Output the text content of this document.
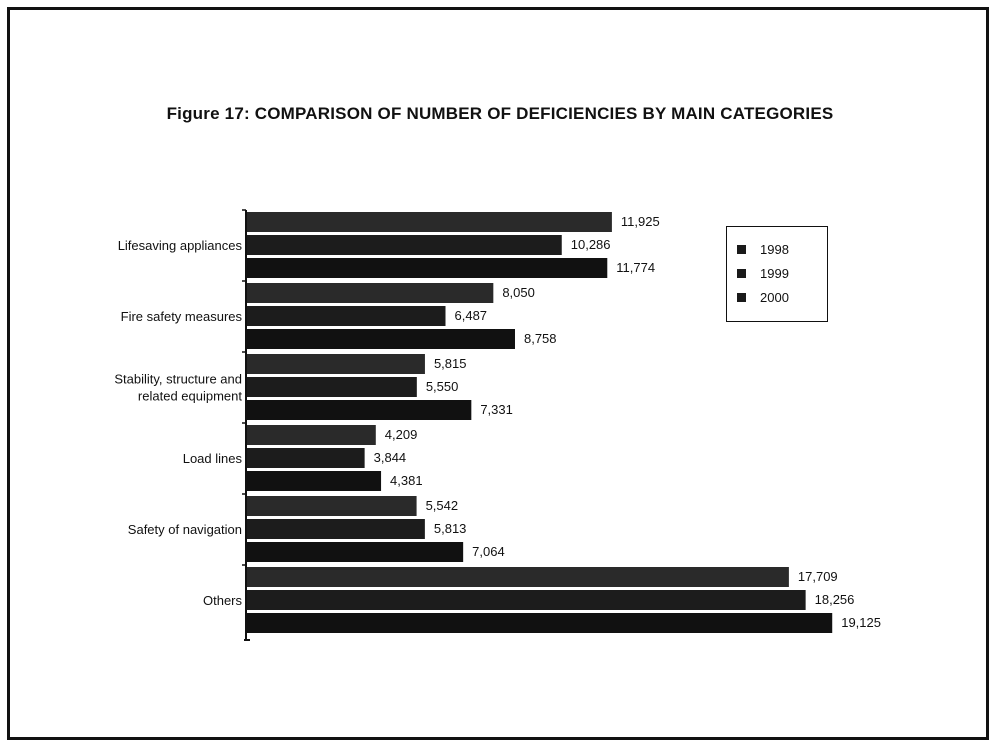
Figure 17: COMPARISON OF NUMBER OF DEFICIENCIES BY MAIN CATEGORIES
Lifesaving appliances
11,925
10,286
11,774
Fire safety measures
8,050
6,487
8,758
Stability, structure and related equipment
5,815
5,550
7,331
Load lines
4,209
3,844
4,381
Safety of navigation
5,542
5,813
7,064
Others
17,709
18,256
19,125
1998
1999
2000
